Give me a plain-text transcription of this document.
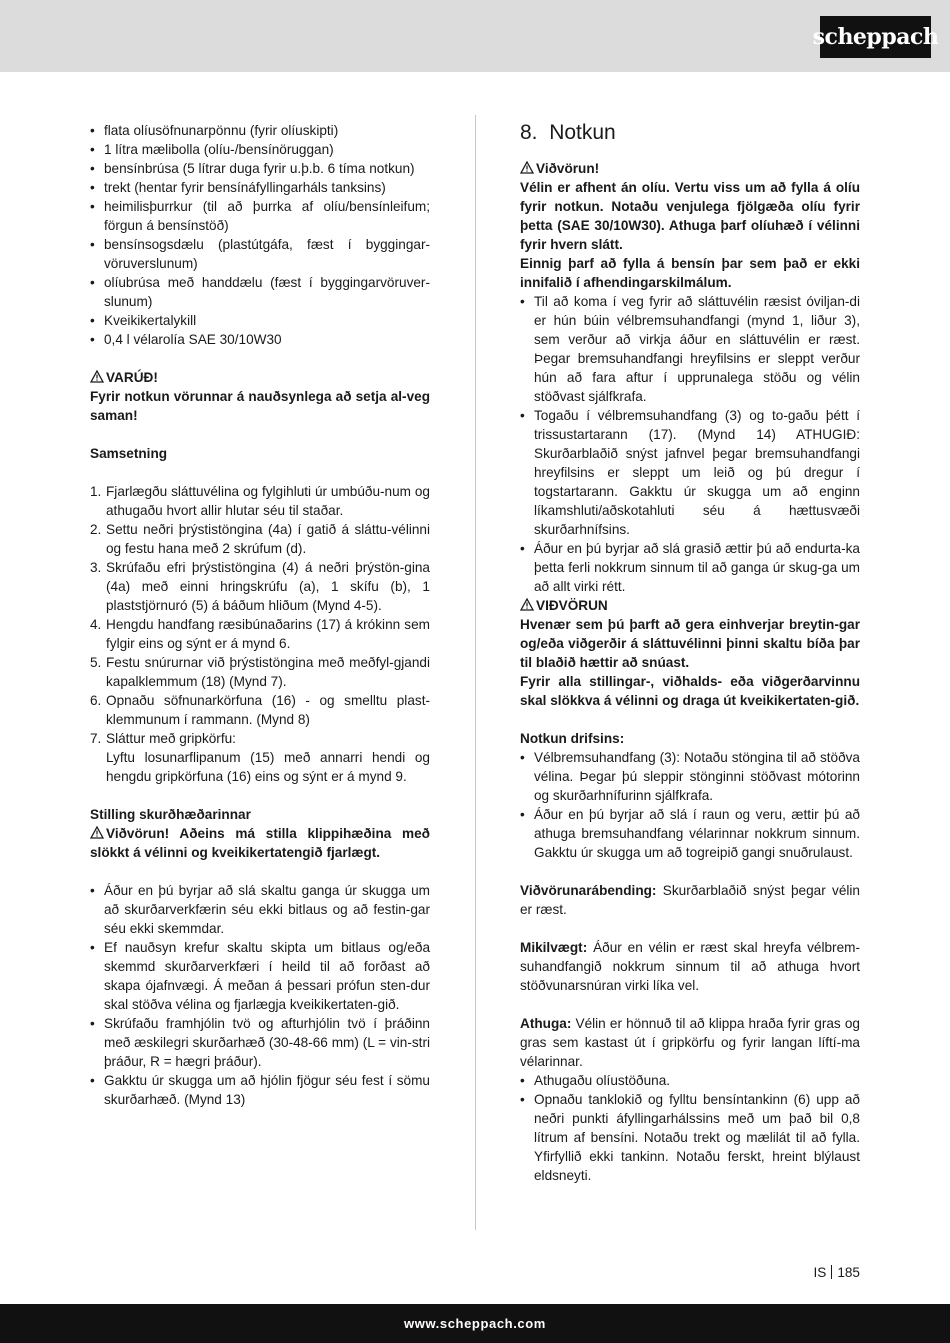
scheppach
• flata olíusöfnunarpönnu (fyrir olíuskipti)
• 1 lítra mælibolla (olíu-/bensínöruggan)
• bensínbrúsa (5 lítrar duga fyrir u.þ.b. 6 tíma notkun)
• trekt (hentar fyrir bensínáfyllingarháls tanksins)
• heimilisþurrkur (til að þurrka af olíu/bensínleifum; förgun á bensínstöð)
• bensínsogsdælu (plastútgáfa, fæst í byggingar-vöruverslunum)
• olíubrúsa með handdælu (fæst í byggingarvöruver-slunum)
• Kveikikertalykill
• 0,4 l vélarolía SAE 30/10W30

VARÚÐ!

Fyrir notkun vörunnar á nauðsynlega að setja al-veg saman!

Samsetning

1. Fjarlægðu sláttuvélina og fylgihluti úr umbúðu-num og athugaðu hvort allir hlutar séu til staðar.
2. Settu neðri þrýstistöngina (4a) í gatið á sláttu-vélinni og festu hana með 2 skrúfum (d).
3. Skrúfaðu efri þrýstistöngina (4) á neðri þrýstön-gina (4a) með einni hringskrúfu (a), 1 skífu (b), 1 plaststjörnuró (5) á báðum hliðum (Mynd 4-5).
4. Hengdu handfang ræsibúnaðarins (17) á krókinn sem fylgir eins og sýnt er á mynd 6.
5. Festu snúrurnar við þrýstistöngina með meðfyl-gjandi kapalklemmum (18) (Mynd 7).
6. Opnaðu söfnunarkörfuna (16) - og smelltu plast-klemmunum í rammann. (Mynd 8)
7. Sláttur með gripkörfu:
Lyftu losunarflipanum (15) með annarri hendi og hengdu gripkörfuna (16) eins og sýnt er á mynd 9.

Stilling skurðhæðarinnar

Viðvörun! Aðeins má stilla klippihæðina með slökkt á vélinni og kveikikertatengið fjarlægt.

• Áður en þú byrjar að slá skaltu ganga úr skugga um að skurðarverkfærin séu ekki bitlaus og að festin-gar séu ekki skemmdar.
• Ef nauðsyn krefur skaltu skipta um bitlaus og/eða skemmd skurðarverkfæri í heild til að forðast að skapa ójafnvægi. Á meðan á þessari prófun sten-dur skal stöðva vélina og fjarlægja kveikikertaten-gið.
• Skrúfaðu framhjólin tvö og afturhjólin tvö í þráðinn með æskilegri skurðarhæð (30-48-66 mm) (L = vin-stri þráður, R = hægri þráður).
• Gakktu úr skugga um að hjólin fjögur séu fest í sömu skurðarhæð. (Mynd 13)
8. Notkun

Viðvörun!

Vélin er afhent án olíu. Vertu viss um að fylla á olíu fyrir notkun. Notaðu venjulega fjölgæða olíu fyrir þetta (SAE 30/10W30). Athuga þarf olíuhæð í vélinni fyrir hvern slátt.

Einnig þarf að fylla á bensín þar sem það er ekki innifalið í afhendingarskilmálum.

• Til að koma í veg fyrir að sláttuvélin ræsist óviljan-di er hún búin vélbremsuhandfangi (mynd 1, liður 3), sem verður að virkja áður en sláttuvélin er ræst. Þegar bremsuhandfangi hreyfilsins er sleppt verður hún að fara aftur í upprunalega stöðu og vélin stöðvast sjálfkrafa.
• Togaðu í vélbremsuhandfang (3) og to-gaðu þétt í trissustartarann (17). (Mynd 14) ATHUGIÐ: Skurðarblaðið snýst jafnvel þegar bremsuhandfangi hreyfilsins er sleppt um leið og þú dregur í togstartarann. Gakktu úr skugga um að enginn líkamshluti/aðskotahluti séu á hættusvæði skurðarhnífsins.
• Áður en þú byrjar að slá grasið ættir þú að endurta-ka þetta ferli nokkrum sinnum til að ganga úr skug-ga um að allt virki rétt.

VIÐVÖRUN

Hvenær sem þú þarft að gera einhverjar breytin-gar og/eða viðgerðir á sláttuvélinni þinni skaltu bíða þar til blaðið hættir að snúast.

Fyrir alla stillingar-, viðhalds- eða viðgerðarvinnu skal slökkva á vélinni og draga út kveikikertaten-gið.

Notkun drifsins:

• Vélbremsuhandfang (3): Notaðu stöngina til að stöðva vélina. Þegar þú sleppir stönginni stöðvast mótorinn og skurðarhnífurinn sjálfkrafa.
• Áður en þú byrjar að slá í raun og veru, ættir þú að athuga bremsuhandfang vélarinnar nokkrum sinnum. Gakktu úr skugga um að togreipið gangi snuðrulaust.

Viðvörunarábending: Skurðarblaðið snýst þegar vélin er ræst.

Mikilvægt: Áður en vélin er ræst skal hreyfa vélbrem-suhandfangið nokkrum sinnum til að athuga hvort stöðvunarsnúran virki líka vel.

Athuga: Vélin er hönnuð til að klippa hraða fyrir gras og gras sem kastast út í gripkörfu og fyrir langan líftí-ma vélarinnar.

• Athugaðu olíustöðuna.
• Opnaðu tanklokið og fylltu bensíntankinn (6) upp að neðri punkti áfyllingarhálssins með um það bil 0,8 lítrum af bensíni. Notaðu trekt og mælilát til að fylla. Yfirfyllið ekki tankinn. Notaðu ferskt, hreint blýlaust eldsneyti.
IS 185
www.scheppach.com
